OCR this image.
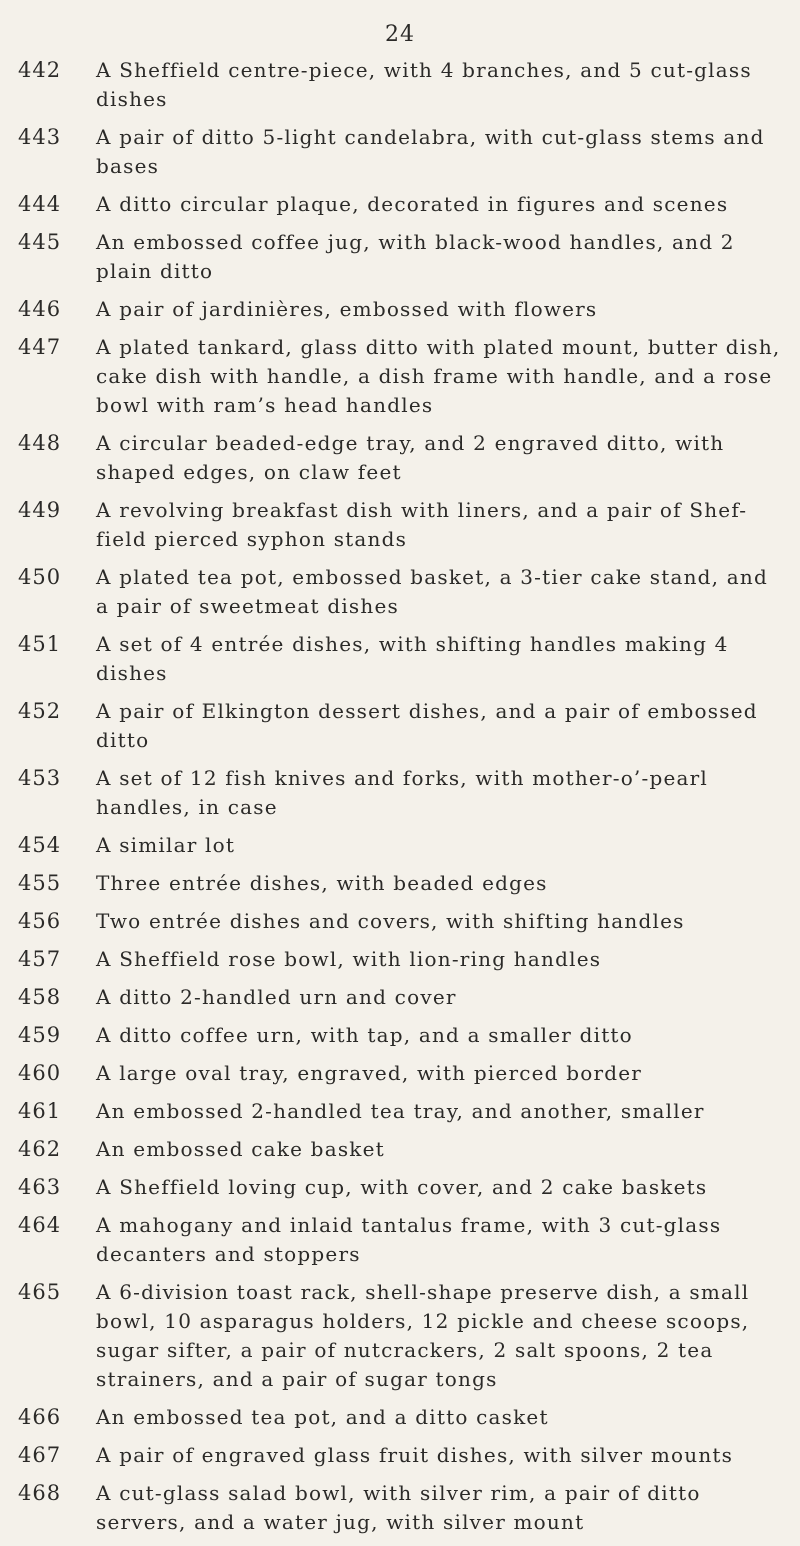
24
442	A Sheffield centre-piece, with 4 branches, and 5 cut-glass dishes
443	A pair of ditto 5-light candelabra, with cut-glass stems and bases
444	A ditto circular plaque, decorated in figures and scenes
445	An embossed coffee jug, with black-wood handles, and 2 plain ditto
446	A pair of jardinières, embossed with flowers
447	A plated tankard, glass ditto with plated mount, butter dish, cake dish with handle, a dish frame with handle, and a rose bowl with ram’s head handles
448	A circular beaded-edge tray, and 2 engraved ditto, with shaped edges, on claw feet
449	A revolving breakfast dish with liners, and a pair of Shef-field pierced syphon stands
450	A plated tea pot, embossed basket, a 3-tier cake stand, and a pair of sweetmeat dishes
451	A set of 4 entrée dishes, with shifting handles making 4 dishes
452	A pair of Elkington dessert dishes, and a pair of embossed ditto
453	A set of 12 fish knives and forks, with mother-o’-pearl handles, in case
454	A similar lot
455	Three entrée dishes, with beaded edges
456	Two entrée dishes and covers, with shifting handles
457	A Sheffield rose bowl, with lion-ring handles
458	A ditto 2-handled urn and cover
459	A ditto coffee urn, with tap, and a smaller ditto
460	A large oval tray, engraved, with pierced border
461	An embossed 2-handled tea tray, and another, smaller
462	An embossed cake basket
463	A Sheffield loving cup, with cover, and 2 cake baskets
464	A mahogany and inlaid tantalus frame, with 3 cut-glass decanters and stoppers
465	A 6-division toast rack, shell-shape preserve dish, a small bowl, 10 asparagus holders, 12 pickle and cheese scoops, sugar sifter, a pair of nutcrackers, 2 salt spoons, 2 tea strainers, and a pair of sugar tongs
466	An embossed tea pot, and a ditto casket
467	A pair of engraved glass fruit dishes, with silver mounts
468	A cut-glass salad bowl, with silver rim, a pair of ditto servers, and a water jug, with silver mount
